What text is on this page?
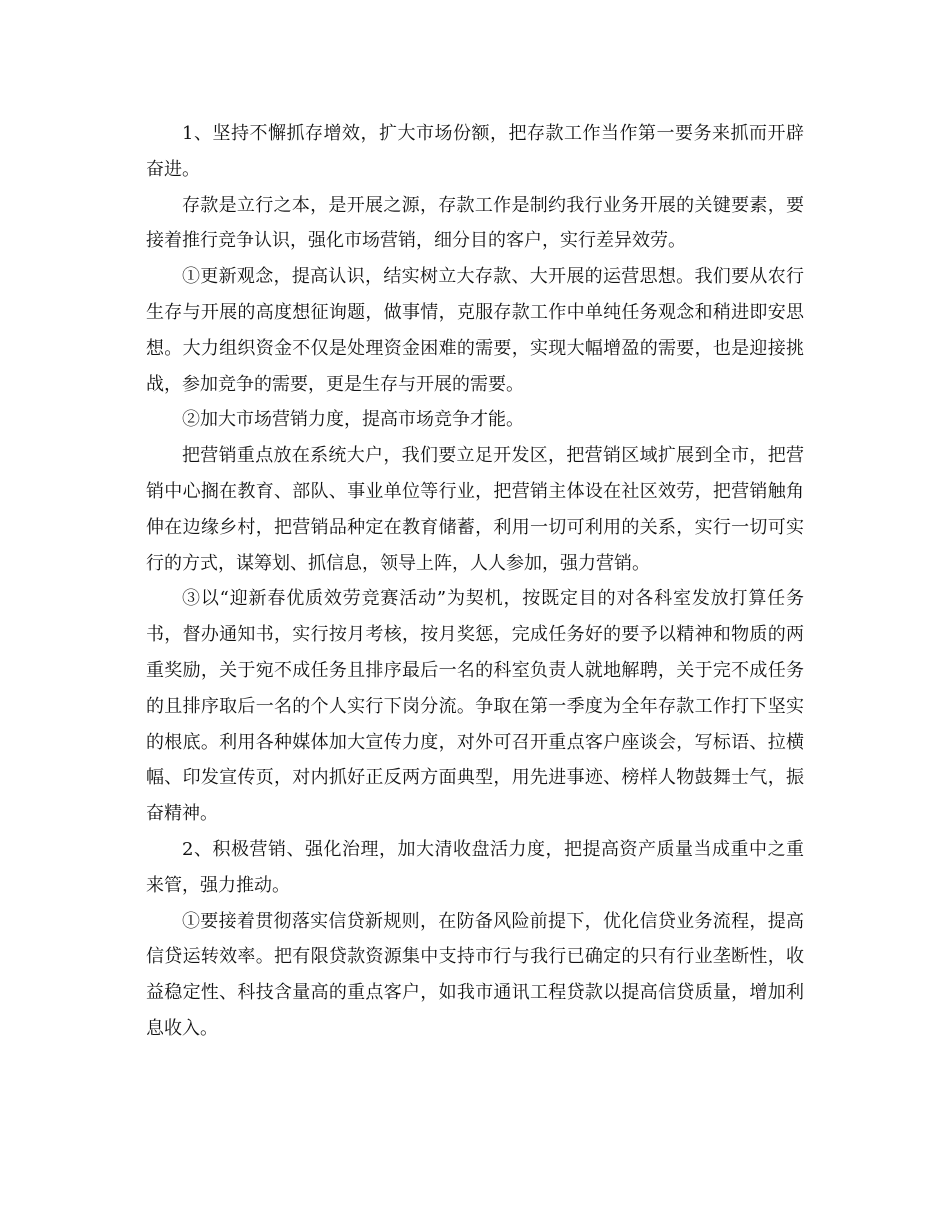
1、坚持不懈抓存增效，扩大市场份额，把存款工作当作第一要务来抓而开辟奋进。

存款是立行之本，是开展之源，存款工作是制约我行业务开展的关键要素，要接着推行竞争认识，强化市场营销，细分目的客户，实行差异效劳。

①更新观念，提高认识，结实树立大存款、大开展的运营思想。我们要从农行生存与开展的高度想征询题，做事情，克服存款工作中单纯任务观念和稍进即安思想。大力组织资金不仅是处理资金困难的需要，实现大幅增盈的需要，也是迎接挑战，参加竞争的需要，更是生存与开展的需要。

②加大市场营销力度，提高市场竞争才能。

把营销重点放在系统大户，我们要立足开发区，把营销区域扩展到全市，把营销中心搁在教育、部队、事业单位等行业，把营销主体设在社区效劳，把营销触角伸在边缘乡村，把营销品种定在教育储蓄，利用一切可利用的关系，实行一切可实行的方式，谋筹划、抓信息，领导上阵，人人参加，强力营销。

③以“迎新春优质效劳竞赛活动”为契机，按既定目的对各科室发放打算任务书，督办通知书，实行按月考核，按月奖惩，完成任务好的要予以精神和物质的两重奖励，关于宛不成任务且排序最后一名的科室负责人就地解聘，关于完不成任务的且排序取后一名的个人实行下岗分流。争取在第一季度为全年存款工作打下坚实的根底。利用各种媒体加大宣传力度，对外可召开重点客户座谈会，写标语、拉横幅、印发宣传页，对内抓好正反两方面典型，用先进事迹、榜样人物鼓舞士气，振奋精神。

2、积极营销、强化治理，加大清收盘活力度，把提高资产质量当成重中之重来管，强力推动。

①要接着贯彻落实信贷新规则，在防备风险前提下，优化信贷业务流程，提高信贷运转效率。把有限贷款资源集中支持市行与我行已确定的只有行业垄断性，收益稳定性、科技含量高的重点客户，如我市通讯工程贷款以提高信贷质量，增加利息收入。
